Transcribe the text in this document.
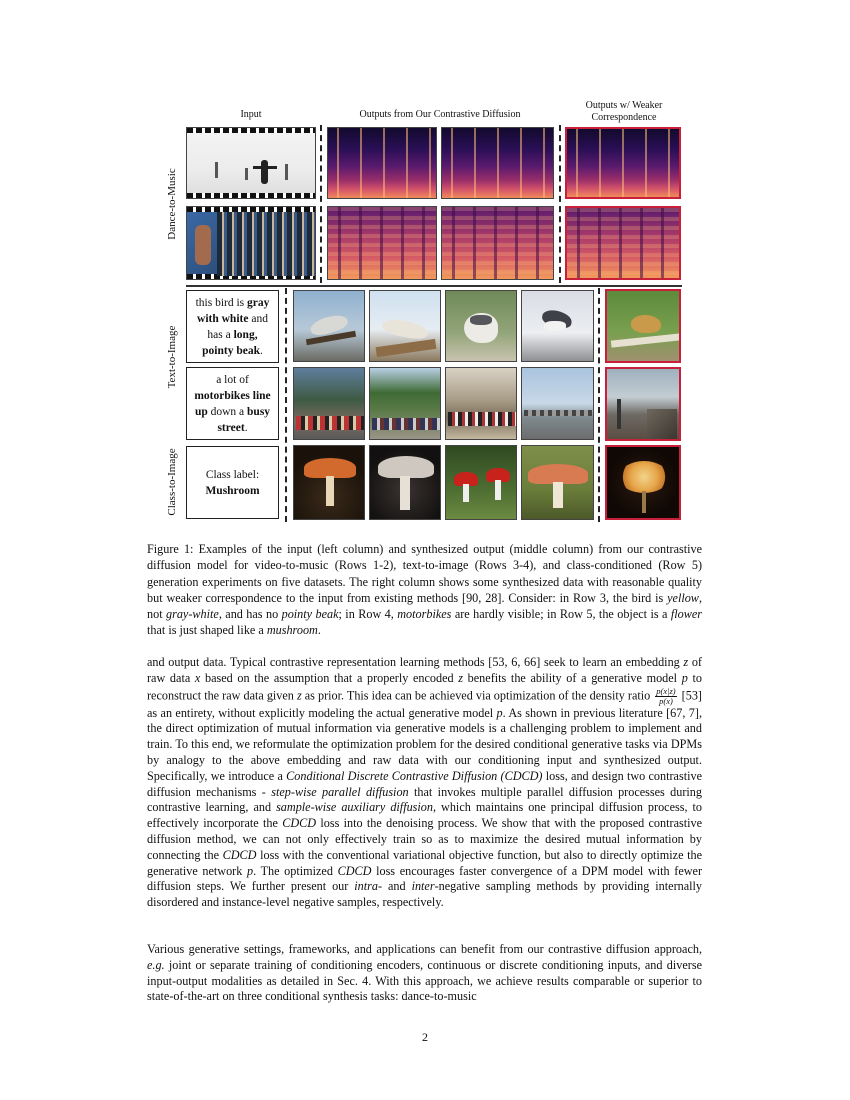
Input	Outputs from Our Contrastive Diffusion
Outputs w/ Weaker Correspondence
Dance-to-Music
Text-to-Image
Class-to-Image
this bird is gray with white and has a long, pointy beak.
a lot of motorbikes line up down a busy street.
Class label:
Mushroom
Figure 1: Examples of the input (left column) and synthesized output (middle column) from our contrastive diffusion model for video-to-music (Rows 1-2), text-to-image (Rows 3-4), and class-conditioned (Row 5) generation experiments on five datasets. The right column shows some synthesized data with reasonable quality but weaker correspondence to the input from existing methods [90, 28]. Consider: in Row 3, the bird is yellow, not gray-white, and has no pointy beak; in Row 4, motorbikes are hardly visible; in Row 5, the object is a flower that is just shaped like a mushroom.

and output data. Typical contrastive representation learning methods [53, 6, 66] seek to learn an embedding z of raw data x based on the assumption that a properly encoded z benefits the ability of a generative model p to reconstruct the raw data given z as prior. This idea can be achieved via optimization of the density ratio $\frac{p(x|z)}{p(x)} [53]$ as an entirety, without explicitly modeling the actual generative model p. As shown in previous literature [67, 7], the direct optimization of mutual information via generative models is a challenging problem to implement and train. To this end, we reformulate the optimization problem for the desired conditional generative tasks via DPMs by analogy to the above embedding and raw data with our conditioning input and synthesized output. Specifically, we introduce a Conditional Discrete Contrastive Diffusion (CDCD) loss, and design two contrastive diffusion mechanisms - step-wise parallel diffusion that invokes multiple parallel diffusion processes during contrastive learning, and sample-wise auxiliary diffusion, which maintains one principal diffusion process, to effectively incorporate the CDCD loss into the denoising process. We show that with the proposed contrastive diffusion method, we can not only effectively train so as to maximize the desired mutual information by connecting the CDCD loss with the conventional variational objective function, but also to directly optimize the generative network p. The optimized CDCD loss encourages faster convergence of a DPM model with fewer diffusion steps. We further present our intra- and inter-negative sampling methods by providing internally disordered and instance-level negative samples, respectively.

Various generative settings, frameworks, and applications can benefit from our contrastive diffusion approach, e.g. joint or separate training of conditioning encoders, continuous or discrete conditioning inputs, and diverse input-output modalities as detailed in Sec. 4. With this approach, we achieve results comparable or superior to state-of-the-art on three conditional synthesis tasks: dance-to-music

2
